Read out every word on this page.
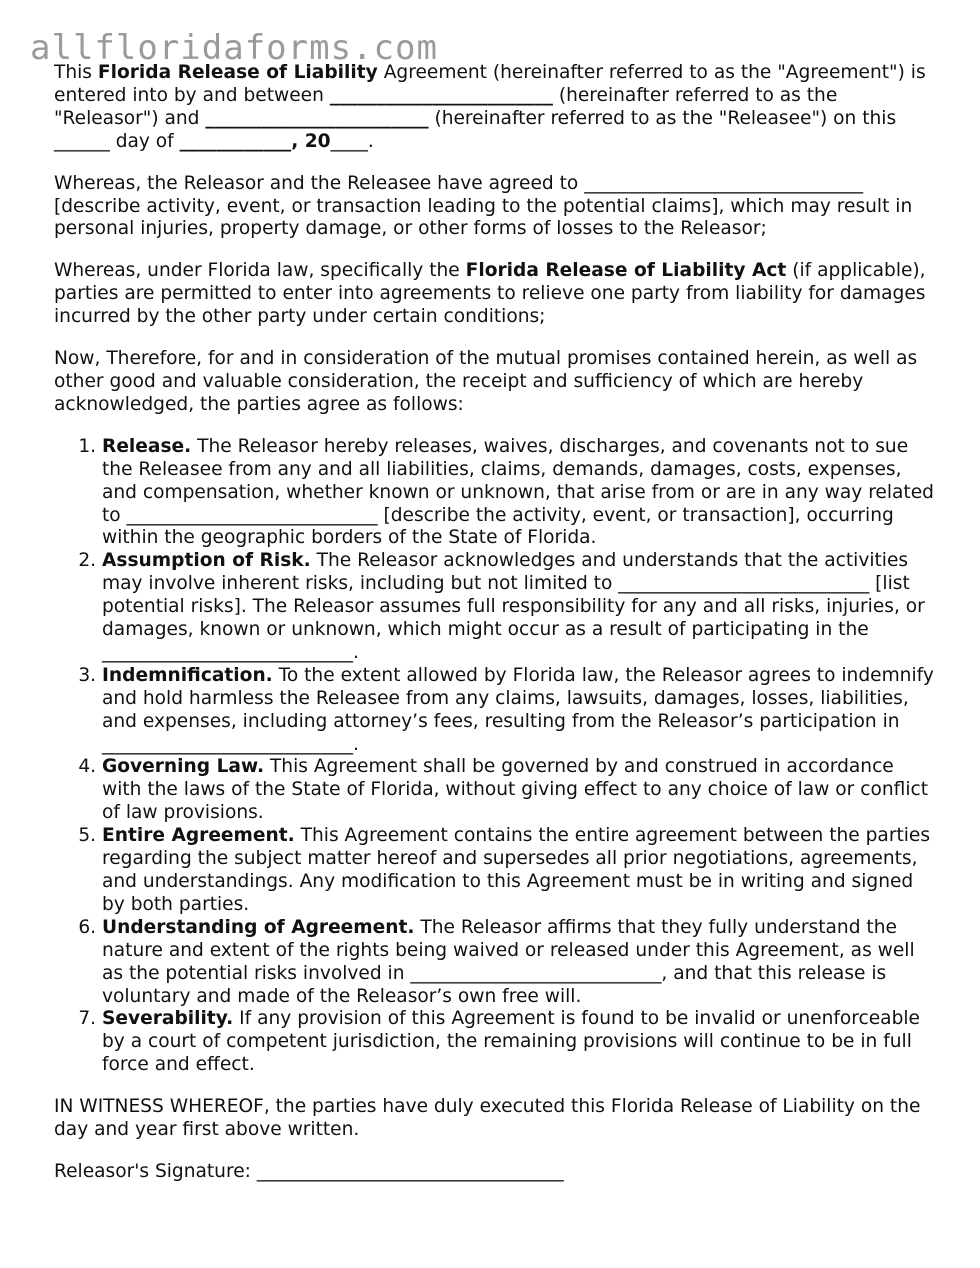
allfloridaforms.com

This Florida Release of Liability Agreement (hereinafter referred to as the "Agreement") is entered into by and between ________________________ (hereinafter referred to as the "Releasor") and ________________________ (hereinafter referred to as the "Releasee") on this ______ day of ____________, 20____.

Whereas, the Releasor and the Releasee have agreed to ______________________________ [describe activity, event, or transaction leading to the potential claims], which may result in personal injuries, property damage, or other forms of losses to the Releasor;

Whereas, under Florida law, specifically the Florida Release of Liability Act (if applicable), parties are permitted to enter into agreements to relieve one party from liability for damages incurred by the other party under certain conditions;

Now, Therefore, for and in consideration of the mutual promises contained herein, as well as other good and valuable consideration, the receipt and sufficiency of which are hereby acknowledged, the parties agree as follows:

1. Release. The Releasor hereby releases, waives, discharges, and covenants not to sue the Releasee from any and all liabilities, claims, demands, damages, costs, expenses, and compensation, whether known or unknown, that arise from or are in any way related to ___________________________ [describe the activity, event, or transaction], occurring within the geographic borders of the State of Florida.
2. Assumption of Risk. The Releasor acknowledges and understands that the activities may involve inherent risks, including but not limited to ___________________________ [list potential risks]. The Releasor assumes full responsibility for any and all risks, injuries, or damages, known or unknown, which might occur as a result of participating in the ___________________________.
3. Indemnification. To the extent allowed by Florida law, the Releasor agrees to indemnify and hold harmless the Releasee from any claims, lawsuits, damages, losses, liabilities, and expenses, including attorney’s fees, resulting from the Releasor’s participation in ___________________________.
4. Governing Law. This Agreement shall be governed by and construed in accordance with the laws of the State of Florida, without giving effect to any choice of law or conflict of law provisions.
5. Entire Agreement. This Agreement contains the entire agreement between the parties regarding the subject matter hereof and supersedes all prior negotiations, agreements, and understandings. Any modification to this Agreement must be in writing and signed by both parties.
6. Understanding of Agreement. The Releasor affirms that they fully understand the nature and extent of the rights being waived or released under this Agreement, as well as the potential risks involved in ___________________________, and that this release is voluntary and made of the Releasor’s own free will.
7. Severability. If any provision of this Agreement is found to be invalid or unenforceable by a court of competent jurisdiction, the remaining provisions will continue to be in full force and effect.

IN WITNESS WHEREOF, the parties have duly executed this Florida Release of Liability on the day and year first above written.

Releasor's Signature: _________________________________
